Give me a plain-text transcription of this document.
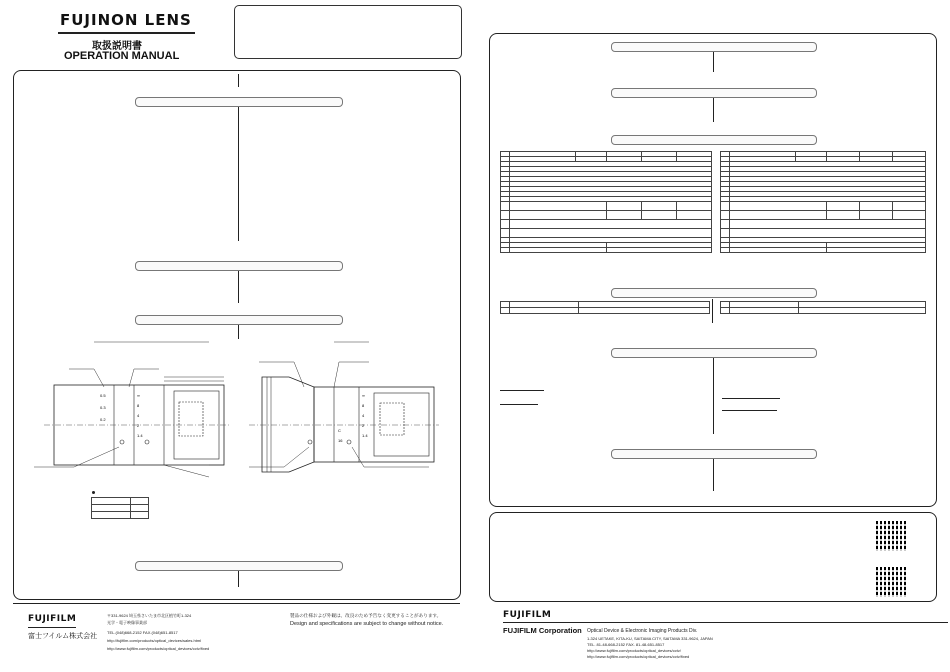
FUJINON LENS
取扱説明書
OPERATION MANUAL
0.5
0.3
0.2
∞
8
4
2
1.4
∞
8
4
2
1.4
C
16

FUJIFILM
富士フイルム株式会社
〒331-9624 埼玉県さいたま市北区植竹町1-324
光学・電子映像事業部
TEL.(048)668-2152 FAX.(048)651-8517
http://fujifilm.com/products/optical_devices/sales.html
http://www.fujifilm.com/products/optical_devices/cctv/fixed
製品の仕様および外観は、改良のため予告なく変更することがあります。
Design and specifications are subject to change without notice.

FUJIFILM
FUJIFILM Corporation Optical Device & Electronic Imaging Products Div.
1-324 UETAKE, KITA-KU, SAITAMA CITY, SAITAMA 331-9624, JAPAN
TEL. 81-48-668-2152 FAX. 81-48-651-8517
http://www.fujifilm.com/products/optical_devices/cctv/
http://www.fujifilm.com/products/optical_devices/cctv/fixed
